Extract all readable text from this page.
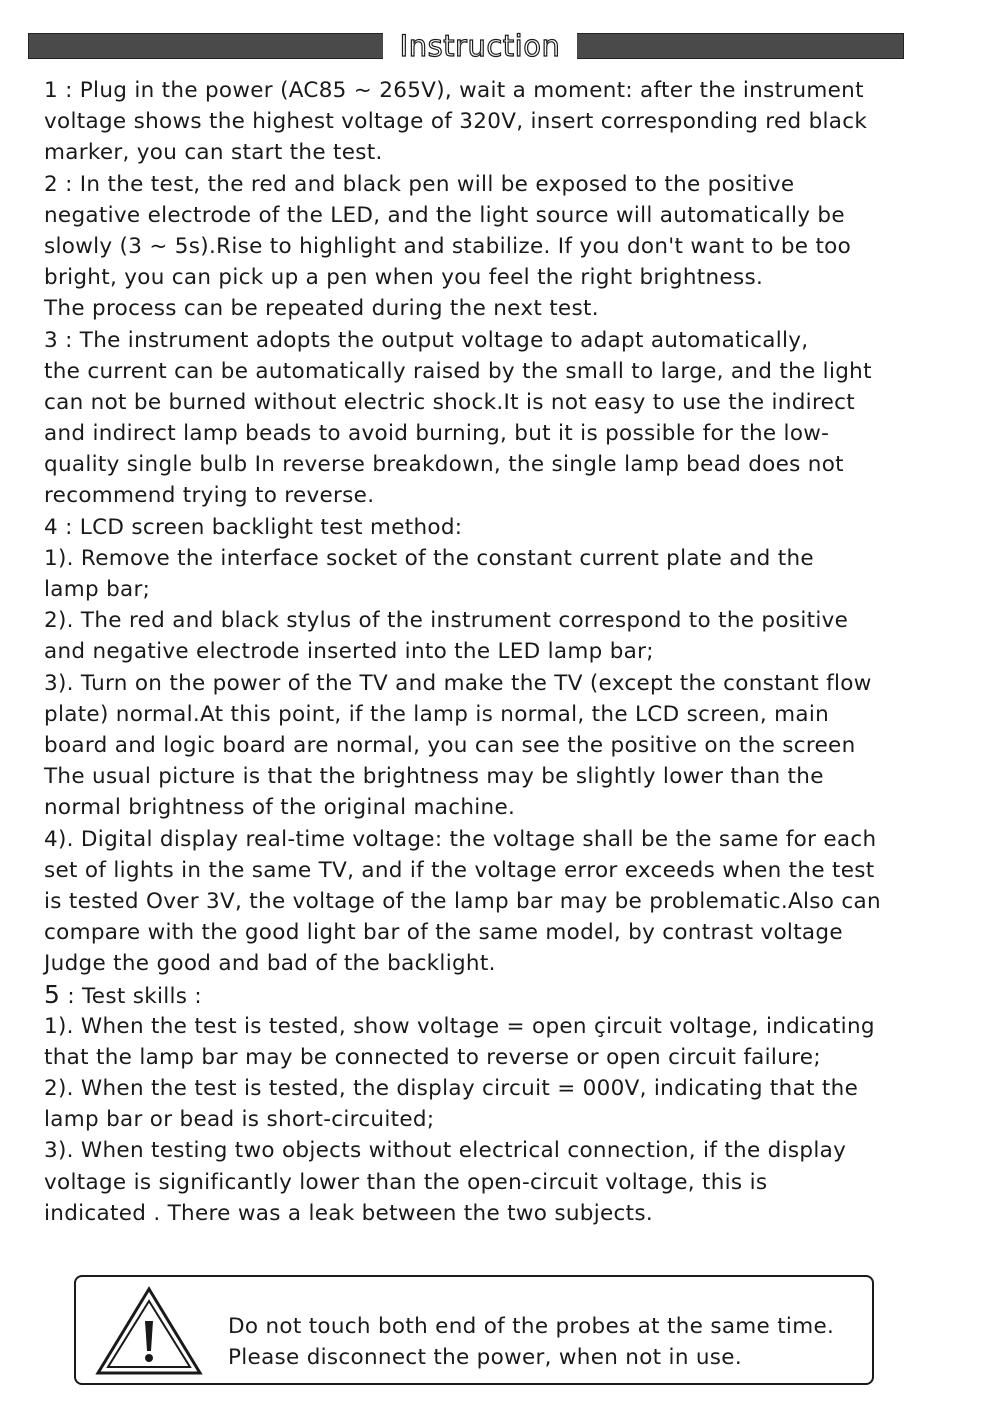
Instruction
1 : Plug in the power (AC85 ~ 265V), wait a moment: after the instrument
voltage shows the highest voltage of 320V, insert corresponding red black
marker, you can start the test.
2 : In the test, the red and black pen will be exposed to the positive
negative electrode of the LED, and the light source will automatically be
slowly (3 ~ 5s).Rise to highlight and stabilize. If you don't want to be too
bright, you can pick up a pen when you feel the right brightness.
The process can be repeated during the next test.
3 : The instrument adopts the output voltage to adapt automatically,
the current can be automatically raised by the small to large, and the light
can not be burned without electric shock.It is not easy to use the indirect
and indirect lamp beads to avoid burning, but it is possible for the low-
quality single bulb In reverse breakdown, the single lamp bead does not
recommend trying to reverse.
4 : LCD screen backlight test method:
1). Remove the interface socket of the constant current plate and the
lamp bar;
2). The red and black stylus of the instrument correspond to the positive
and negative electrode inserted into the LED lamp bar;
3). Turn on the power of the TV and make the TV (except the constant flow
plate) normal.At this point, if the lamp is normal, the LCD screen, main
board and logic board are normal, you can see the positive on the screen
The usual picture is that the brightness may be slightly lower than the
normal brightness of the original machine.
4). Digital display real-time voltage: the voltage shall be the same for each
set of lights in the same TV, and if the voltage error exceeds when the test
is tested Over 3V, the voltage of the lamp bar may be problematic.Also can
compare with the good light bar of the same model, by contrast voltage
Judge the good and bad of the backlight.
5 : Test skills :
1). When the test is tested, show voltage = open çircuit voltage, indicating
that the lamp bar may be connected to reverse or open circuit failure;
2). When the test is tested, the display circuit = 000V, indicating that the
lamp bar or bead is short-circuited;
3). When testing two objects without electrical connection, if the display
voltage is significantly lower than the open-circuit voltage, this is
indicated . There was a leak between the two subjects.
Do not touch both end of the probes at the same time.
Please disconnect the power, when not in use.
